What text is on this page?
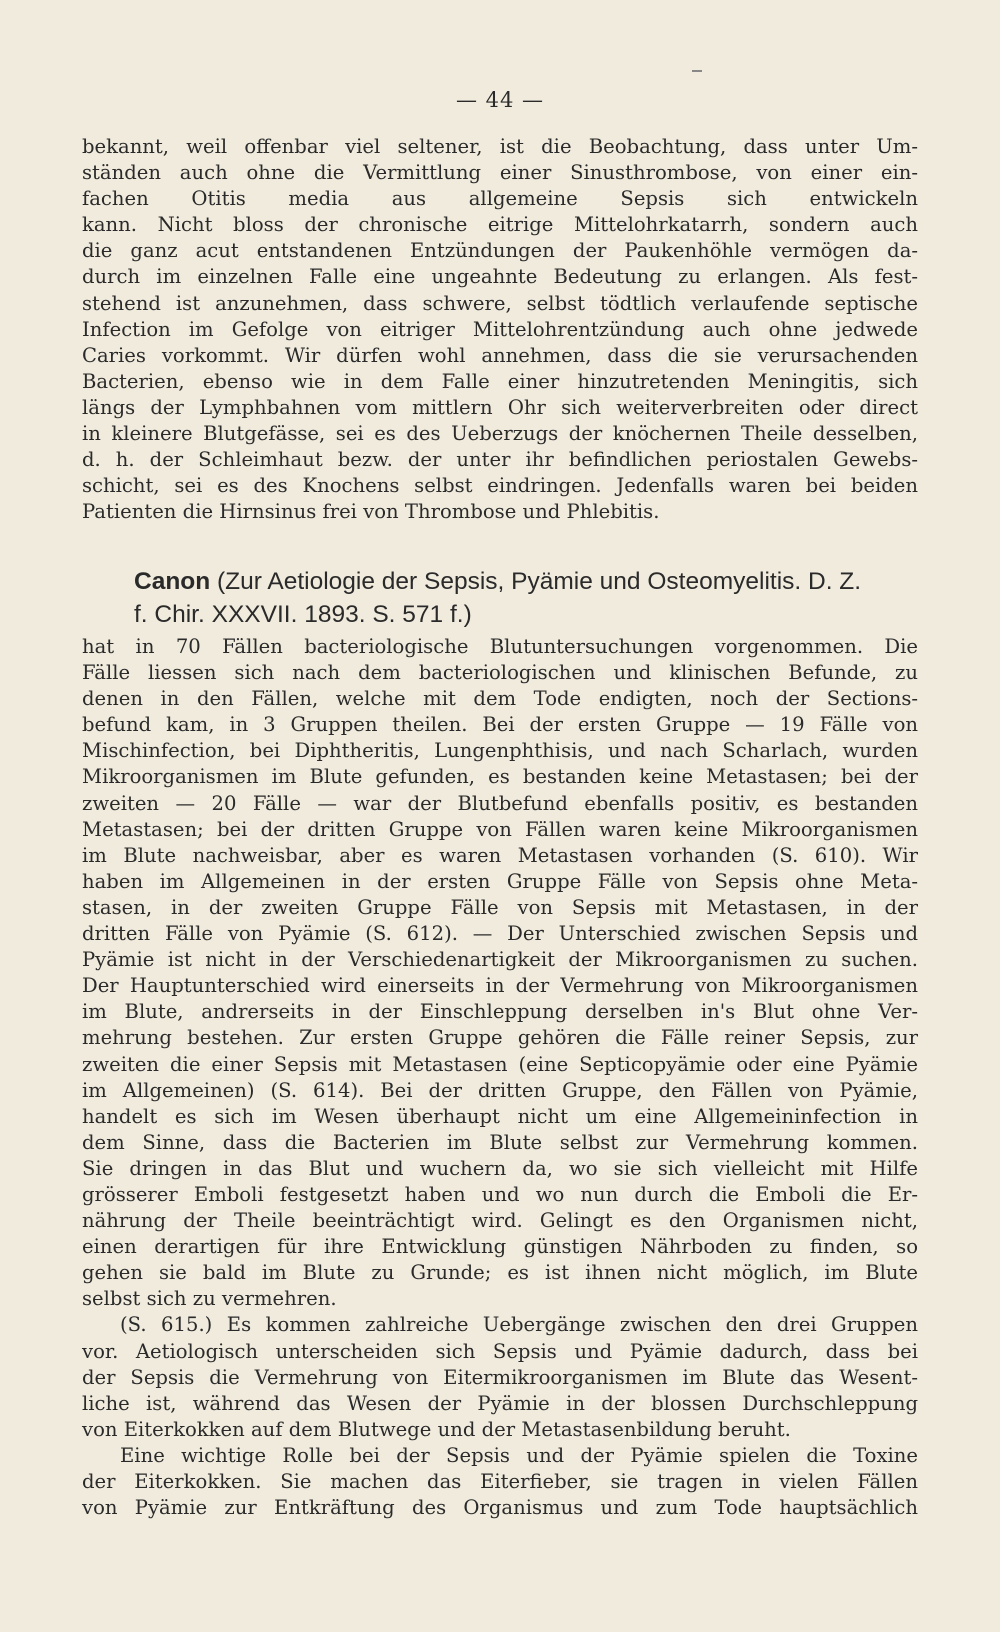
— 44 —
bekannt, weil offenbar viel seltener, ist die Beobachtung, dass unter Um-
ständen auch ohne die Vermittlung einer Sinusthrombose, von einer ein-
fachen Otitis media aus allgemeine Sepsis sich entwickeln
kann. Nicht bloss der chronische eitrige Mittelohrkatarrh, sondern auch
die ganz acut entstandenen Entzündungen der Paukenhöhle vermögen da-
durch im einzelnen Falle eine ungeahnte Bedeutung zu erlangen. Als fest-
stehend ist anzunehmen, dass schwere, selbst tödtlich verlaufende septische
Infection im Gefolge von eitriger Mittelohrentzündung auch ohne jedwede
Caries vorkommt. Wir dürfen wohl annehmen, dass die sie verursachenden
Bacterien, ebenso wie in dem Falle einer hinzutretenden Meningitis, sich
längs der Lymphbahnen vom mittlern Ohr sich weiterverbreiten oder direct
in kleinere Blutgefässe, sei es des Ueberzugs der knöchernen Theile desselben,
d. h. der Schleimhaut bezw. der unter ihr befindlichen periostalen Gewebs-
schicht, sei es des Knochens selbst eindringen. Jedenfalls waren bei beiden
Patienten die Hirnsinus frei von Thrombose und Phlebitis.
Canon (Zur Aetiologie der Sepsis, Pyämie und Osteomyelitis. D. Z.
f. Chir. XXXVII. 1893. S. 571 f.)
hat in 70 Fällen bacteriologische Blutuntersuchungen vorgenommen. Die
Fälle liessen sich nach dem bacteriologischen und klinischen Befunde, zu
denen in den Fällen, welche mit dem Tode endigten, noch der Sections-
befund kam, in 3 Gruppen theilen. Bei der ersten Gruppe — 19 Fälle von
Mischinfection, bei Diphtheritis, Lungenphthisis, und nach Scharlach, wurden
Mikroorganismen im Blute gefunden, es bestanden keine Metastasen; bei der
zweiten — 20 Fälle — war der Blutbefund ebenfalls positiv, es bestanden
Metastasen; bei der dritten Gruppe von Fällen waren keine Mikroorganismen
im Blute nachweisbar, aber es waren Metastasen vorhanden (S. 610). Wir
haben im Allgemeinen in der ersten Gruppe Fälle von Sepsis ohne Meta-
stasen, in der zweiten Gruppe Fälle von Sepsis mit Metastasen, in der
dritten Fälle von Pyämie (S. 612). — Der Unterschied zwischen Sepsis und
Pyämie ist nicht in der Verschiedenartigkeit der Mikroorganismen zu suchen.
Der Hauptunterschied wird einerseits in der Vermehrung von Mikroorganismen
im Blute, andrerseits in der Einschleppung derselben in's Blut ohne Ver-
mehrung bestehen. Zur ersten Gruppe gehören die Fälle reiner Sepsis, zur
zweiten die einer Sepsis mit Metastasen (eine Septicopyämie oder eine Pyämie
im Allgemeinen) (S. 614). Bei der dritten Gruppe, den Fällen von Pyämie,
handelt es sich im Wesen überhaupt nicht um eine Allgemeininfection in
dem Sinne, dass die Bacterien im Blute selbst zur Vermehrung kommen.
Sie dringen in das Blut und wuchern da, wo sie sich vielleicht mit Hilfe
grösserer Emboli festgesetzt haben und wo nun durch die Emboli die Er-
nährung der Theile beeinträchtigt wird. Gelingt es den Organismen nicht,
einen derartigen für ihre Entwicklung günstigen Nährboden zu finden, so
gehen sie bald im Blute zu Grunde; es ist ihnen nicht möglich, im Blute
selbst sich zu vermehren.
(S. 615.) Es kommen zahlreiche Uebergänge zwischen den drei Gruppen
vor. Aetiologisch unterscheiden sich Sepsis und Pyämie dadurch, dass bei
der Sepsis die Vermehrung von Eitermikroorganismen im Blute das Wesent-
liche ist, während das Wesen der Pyämie in der blossen Durchschleppung
von Eiterkokken auf dem Blutwege und der Metastasenbildung beruht.
Eine wichtige Rolle bei der Sepsis und der Pyämie spielen die Toxine
der Eiterkokken. Sie machen das Eiterfieber, sie tragen in vielen Fällen
von Pyämie zur Entkräftung des Organismus und zum Tode hauptsächlich
